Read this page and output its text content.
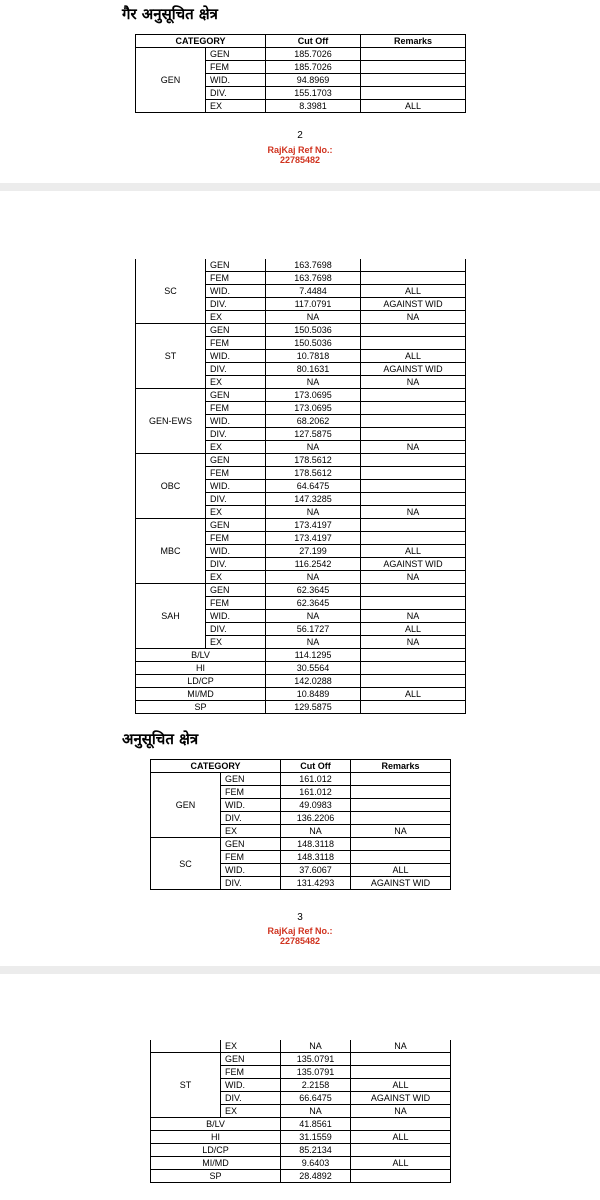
गैर अनुसूचित क्षेत्र
CATEGORY		Cut Off	Remarks
GEN	GEN	185.7026	
	FEM	185.7026	
	WID.	94.8969	
	DIV.	155.1703	
	EX	8.3981	ALL
2
RajKaj Ref No.:
22785482
SC	GEN	163.7698	
	FEM	163.7698	
	WID.	7.4484	ALL
	DIV.	117.0791	AGAINST WID
	EX	NA	NA
ST	GEN	150.5036	
	FEM	150.5036	
	WID.	10.7818	ALL
	DIV.	80.1631	AGAINST WID
	EX	NA	NA
GEN-EWS	GEN	173.0695	
	FEM	173.0695	
	WID.	68.2062	
	DIV.	127.5875	
	EX	NA	NA
OBC	GEN	178.5612	
	FEM	178.5612	
	WID.	64.6475	
	DIV.	147.3285	
	EX	NA	NA
MBC	GEN	173.4197	
	FEM	173.4197	
	WID.	27.199	ALL
	DIV.	116.2542	AGAINST WID
	EX	NA	NA
SAH	GEN	62.3645	
	FEM	62.3645	
	WID.	NA	NA
	DIV.	56.1727	ALL
	EX	NA	NA
B/LV		114.1295	
HI		30.5564	
LD/CP		142.0288	
MI/MD		10.8489	ALL
SP		129.5875	
अनुसूचित क्षेत्र
CATEGORY		Cut Off	Remarks
GEN	GEN	161.012	
	FEM	161.012	
	WID.	49.0983	
	DIV.	136.2206	
	EX	NA	NA
SC	GEN	148.3118	
	FEM	148.3118	
	WID.	37.6067	ALL
	DIV.	131.4293	AGAINST WID
3
RajKaj Ref No.:
22785482
	EX	NA	NA
ST	GEN	135.0791	
	FEM	135.0791	
	WID.	2.2158	ALL
	DIV.	66.6475	AGAINST WID
	EX	NA	NA
B/LV		41.8561	
HI		31.1559	ALL
LD/CP		85.2134	
MI/MD		9.6403	ALL
SP		28.4892	
